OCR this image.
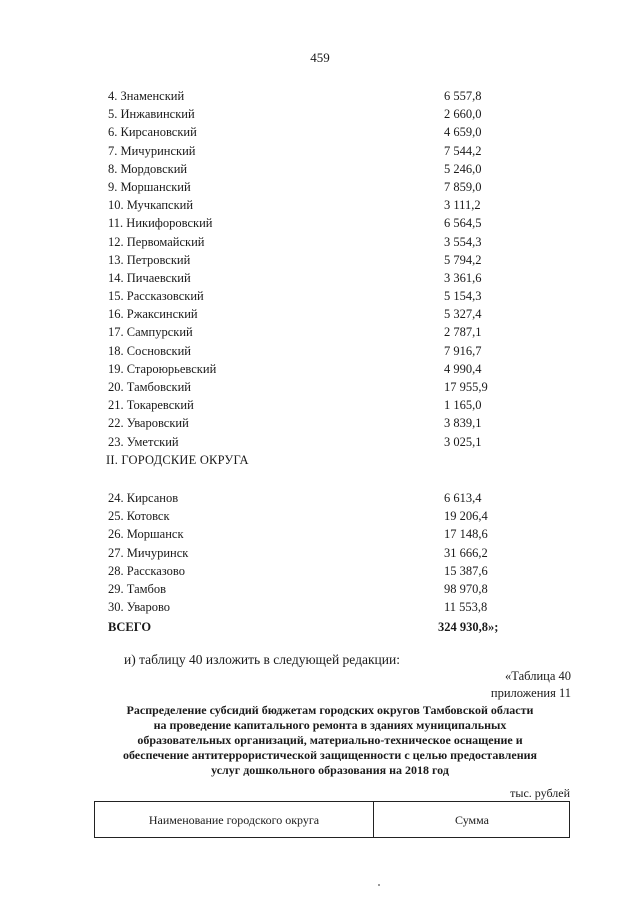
459
4. Знаменский	6 557,8
5. Инжавинский	2 660,0
6. Кирсановский	4 659,0
7. Мичуринский	7 544,2
8. Мордовский	5 246,0
9. Моршанский	7 859,0
10. Мучкапский	3 111,2
11. Никифоровский	6 564,5
12. Первомайский	3 554,3
13. Петровский	5 794,2
14. Пичаевский	3 361,6
15. Рассказовский	5 154,3
16. Ржаксинский	5 327,4
17. Сампурский	2 787,1
18. Сосновский	7 916,7
19. Староюрьевский	4 990,4
20. Тамбовский	17 955,9
21. Токаревский	1 165,0
22. Уваровский	3 839,1
23. Уметский	3 025,1
II. ГОРОДСКИЕ ОКРУГА
24. Кирсанов	6 613,4
25. Котовск	19 206,4
26. Моршанск	17 148,6
27. Мичуринск	31 666,2
28. Рассказово	15 387,6
29. Тамбов	98 970,8
30. Уварово	11 553,8
ВСЕГО	324 930,8»;
и) таблицу 40 изложить в следующей редакции:
«Таблица 40
приложения 11
Распределение субсидий бюджетам городских округов Тамбовской области
на проведение капитального ремонта в зданиях муниципальных
образовательных организаций, материально-техническое оснащение и
обеспечение антитеррористической защищенности с целью предоставления
услуг дошкольного образования на 2018 год
тыс. рублей
Наименование городского округа	Сумма
